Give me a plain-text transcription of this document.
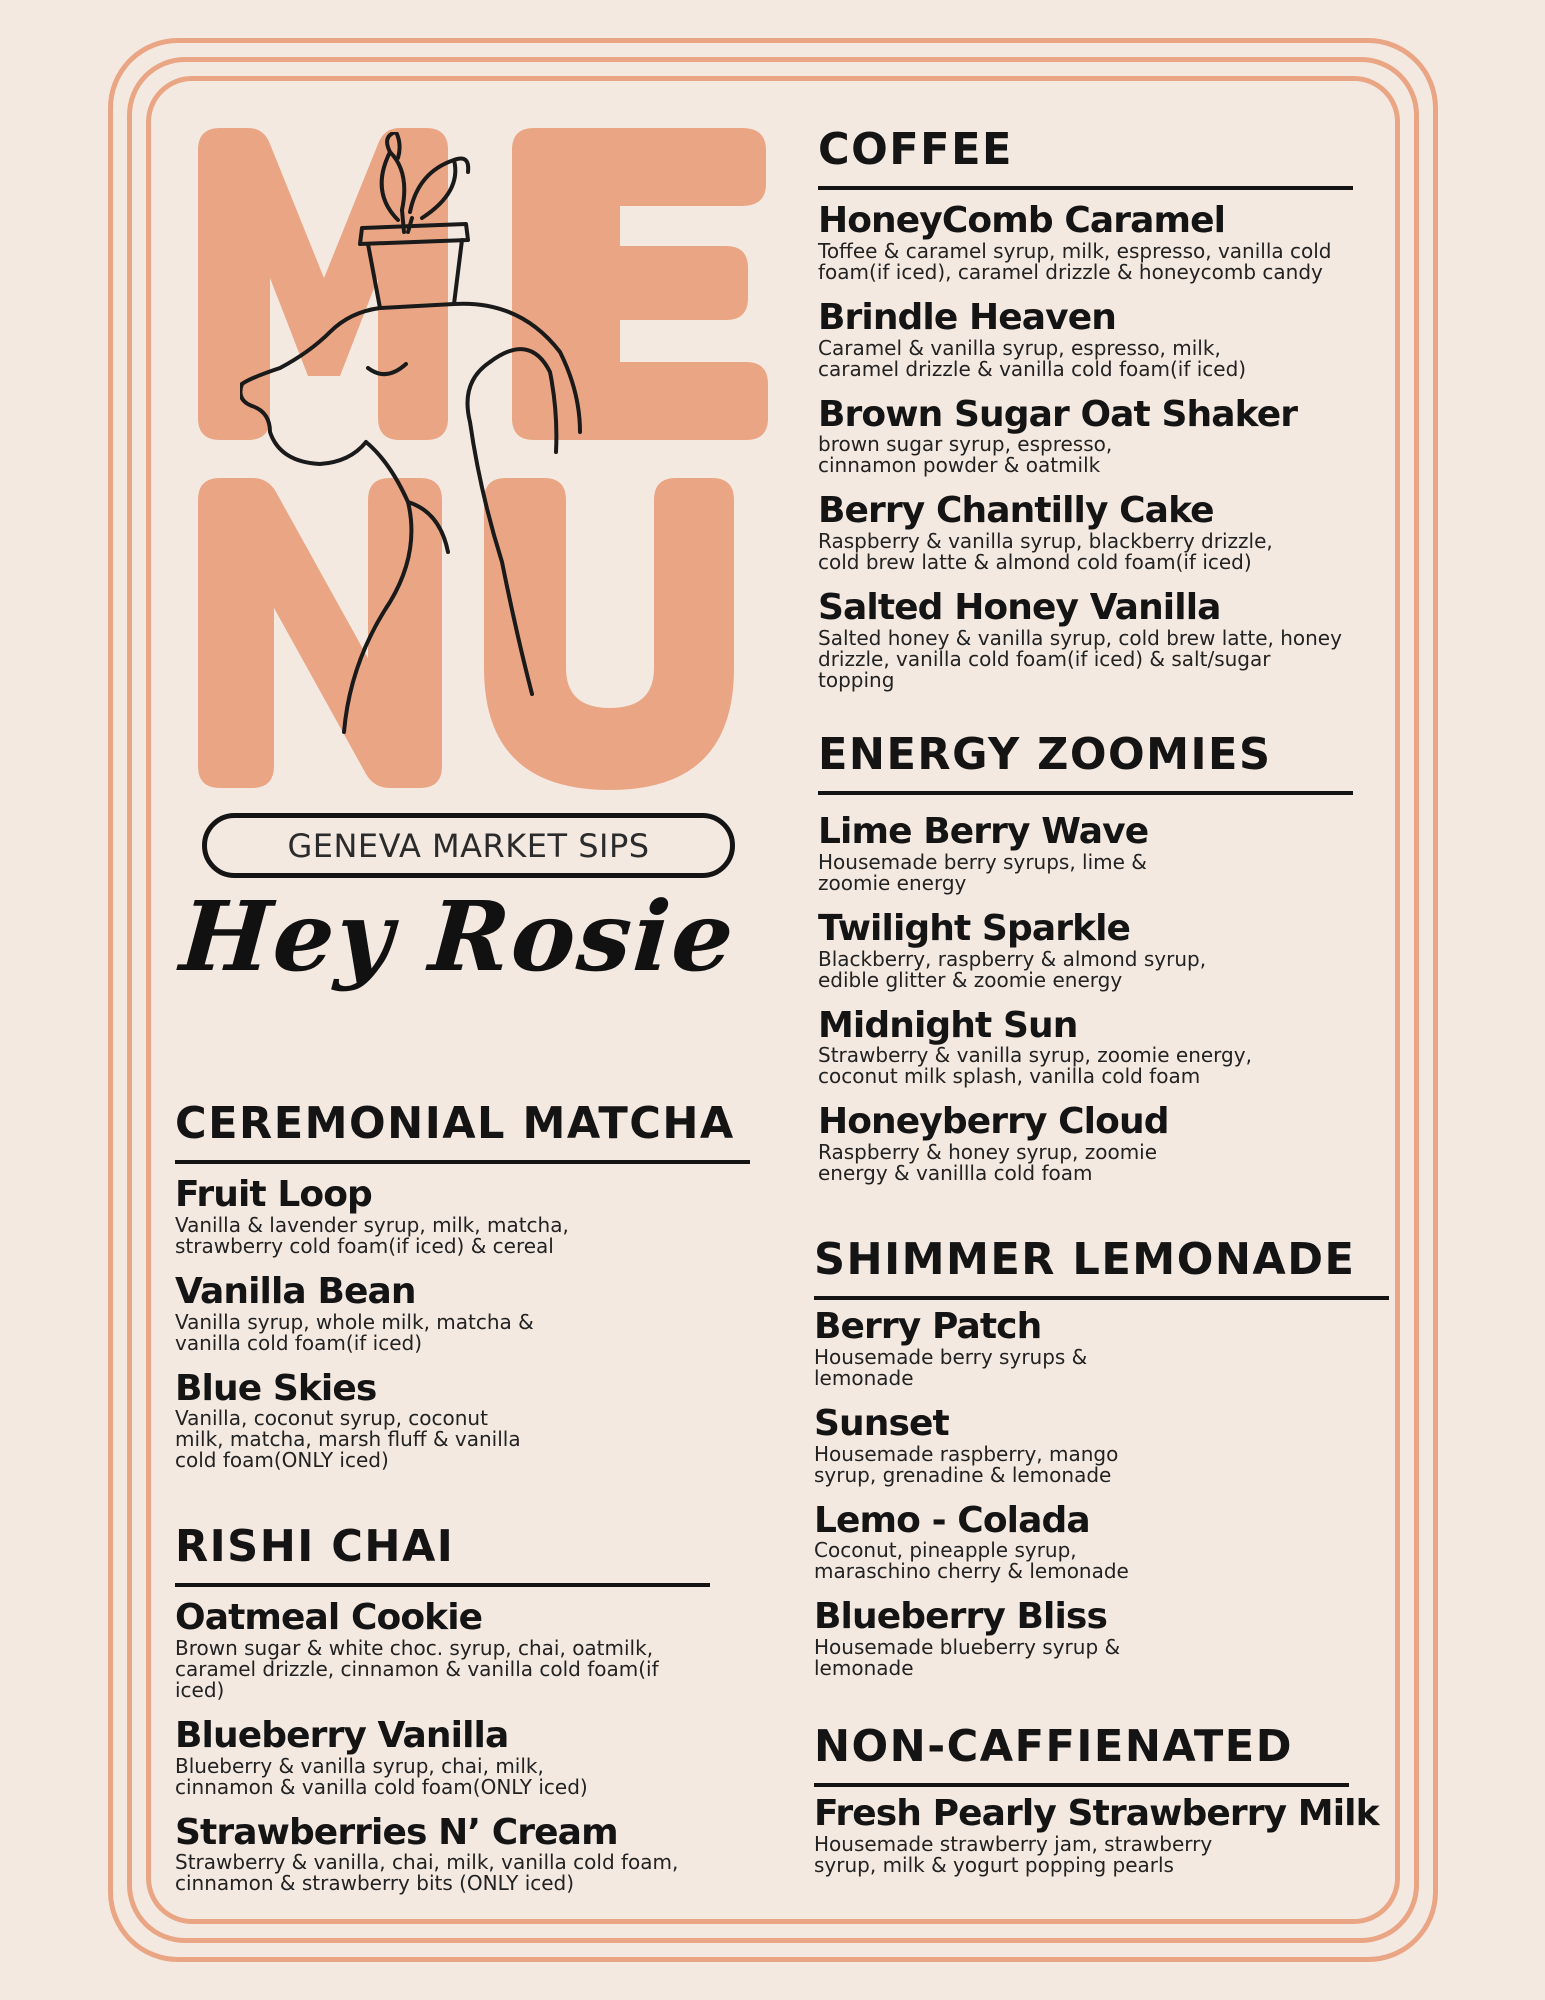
GENEVA MARKET SIPS
Hey Rosie
CEREMONIAL MATCHA

Fruit Loop

Vanilla & lavender syrup, milk, matcha,
strawberry cold foam(if iced) & cereal

Vanilla Bean

Vanilla syrup, whole milk, matcha &
vanilla cold foam(if iced)

Blue Skies

Vanilla, coconut syrup, coconut
milk, matcha, marsh fluff & vanilla
cold foam(ONLY iced)

RISHI CHAI

Oatmeal Cookie

Brown sugar & white choc. syrup, chai, oatmilk,
caramel drizzle, cinnamon & vanilla cold foam(if iced)

Blueberry Vanilla

Blueberry & vanilla syrup, chai, milk,
cinnamon & vanilla cold foam(ONLY iced)

Strawberries N’ Cream

Strawberry & vanilla, chai, milk, vanilla cold foam,
cinnamon & strawberry bits (ONLY iced)

COFFEE

HoneyComb Caramel

Toffee & caramel syrup, milk, espresso, vanilla cold
foam(if iced), caramel drizzle & honeycomb candy

Brindle Heaven

Caramel & vanilla syrup, espresso, milk,
caramel drizzle & vanilla cold foam(if iced)

Brown Sugar Oat Shaker

brown sugar syrup, espresso,
cinnamon powder & oatmilk

Berry Chantilly Cake

Raspberry & vanilla syrup, blackberry drizzle,
cold brew latte & almond cold foam(if iced)

Salted Honey Vanilla

Salted honey & vanilla syrup, cold brew latte, honey
drizzle, vanilla cold foam(if iced) & salt/sugar topping

ENERGY ZOOMIES

Lime Berry Wave

Housemade berry syrups, lime &
zoomie energy

Twilight Sparkle

Blackberry, raspberry & almond syrup,
edible glitter & zoomie energy

Midnight Sun

Strawberry & vanilla syrup, zoomie energy,
coconut milk splash, vanilla cold foam

Honeyberry Cloud

Raspberry & honey syrup, zoomie
energy & vanillla cold foam

SHIMMER LEMONADE

Berry Patch

Housemade berry syrups &
lemonade

Sunset

Housemade raspberry, mango
syrup, grenadine & lemonade

Lemo - Colada

Coconut, pineapple syrup,
maraschino cherry & lemonade

Blueberry Bliss

Housemade blueberry syrup &
lemonade

NON-CAFFIENATED

Fresh Pearly Strawberry Milk

Housemade strawberry jam, strawberry
syrup, milk & yogurt popping pearls
